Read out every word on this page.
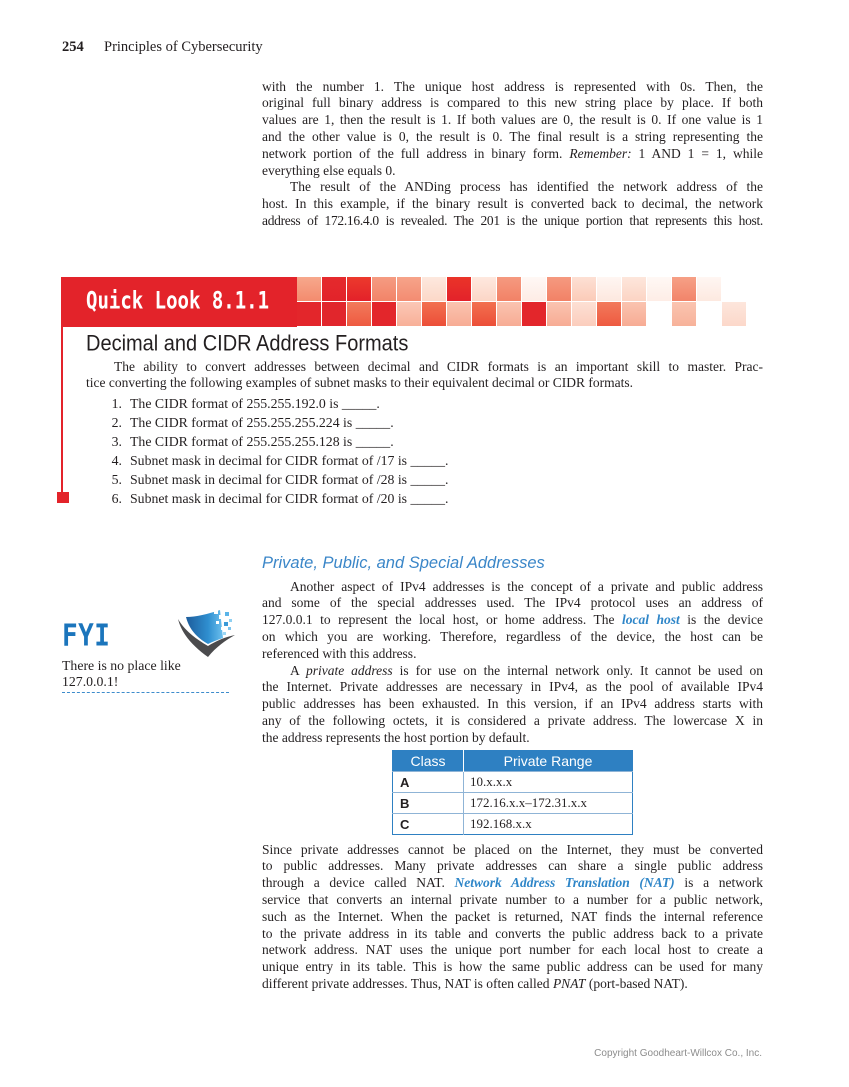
254 Principles of Cybersecurity
with the number 1. The unique host address is represented with 0s. Then, the
original full binary address is compared to this new string place by place. If both
values are 1, then the result is 1. If both values are 0, the result is 0. If one value is 1
and the other value is 0, the result is 0. The final result is a string representing the
network portion of the full address in binary form. Remember: 1 AND 1 = 1, while
everything else equals 0.
The result of the ANDing process has identified the network address of the
host. In this example, if the binary result is converted back to decimal, the network
address of 172.16.4.0 is revealed. The 201 is the unique portion that represents this host.
Quick Look 8.1.1
Decimal and CIDR Address Formats
The ability to convert addresses between decimal and CIDR formats is an important skill to master. Prac-
tice converting the following examples of subnet masks to their equivalent decimal or CIDR formats.
1. The CIDR format of 255.255.192.0 is _____.
2. The CIDR format of 255.255.255.224 is _____.
3. The CIDR format of 255.255.255.128 is _____.
4. Subnet mask in decimal for CIDR format of /17 is _____.
5. Subnet mask in decimal for CIDR format of /28 is _____.
6. Subnet mask in decimal for CIDR format of /20 is _____.
FYI
There is no place like
127.0.0.1!
Private, Public, and Special Addresses
Another aspect of IPv4 addresses is the concept of a private and public address
and some of the special addresses used. The IPv4 protocol uses an address of
127.0.0.1 to represent the local host, or home address. The local host is the device
on which you are working. Therefore, regardless of the device, the host can be
referenced with this address.
A private address is for use on the internal network only. It cannot be used on
the Internet. Private addresses are necessary in IPv4, as the pool of available IPv4
public addresses has been exhausted. In this version, if an IPv4 address starts with
any of the following octets, it is considered a private address. The lowercase X in
the address represents the host portion by default.
Class	Private Range
A	10.x.x.x
B	172.16.x.x–172.31.x.x
C	192.168.x.x
Since private addresses cannot be placed on the Internet, they must be converted
to public addresses. Many private addresses can share a single public address
through a device called NAT. Network Address Translation (NAT) is a network
service that converts an internal private number to a number for a public network,
such as the Internet. When the packet is returned, NAT finds the internal reference
to the private address in its table and converts the public address back to a private
network address. NAT uses the unique port number for each local host to create a
unique entry in its table. This is how the same public address can be used for many
different private addresses. Thus, NAT is often called PNAT (port-based NAT).
Copyright Goodheart-Willcox Co., Inc.
